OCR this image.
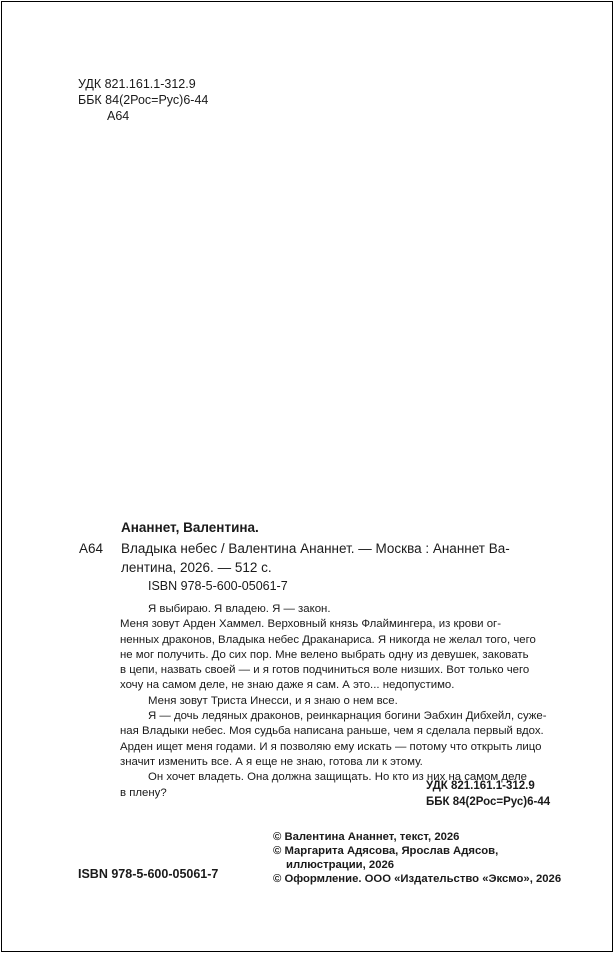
УДК 821.161.1-312.9
ББК 84(2Рос=Рус)6-44
А64
Ананнет, Валентина.
А64 Владыка небес / Валентина Ананнет. — Москва : Ананнет Ва-
лентина, 2026. — 512 с.
ISBN 978-5-600-05061-7
Я выбираю. Я владею. Я — закон.
Меня зовут Арден Хаммел. Верховный князь Флаймингера, из крови ог-
ненных драконов, Владыка небес Драканариса. Я никогда не желал того, чего
не мог получить. До сих пор. Мне велено выбрать одну из девушек, заковать
в цепи, назвать своей — и я готов подчиниться воле низших. Вот только чего
хочу на самом деле, не знаю даже я сам. А это... недопустимо.
Меня зовут Триста Инесси, и я знаю о нем все.
Я — дочь ледяных драконов, реинкарнация богини Эабхин Дибхейл, суже-
ная Владыки небес. Моя судьба написана раньше, чем я сделала первый вдох.
Арден ищет меня годами. И я позволяю ему искать — потому что открыть лицо
значит изменить все. А я еще не знаю, готова ли к этому.
Он хочет владеть. Она должна защищать. Но кто из них на самом деле
в плену?
УДК 821.161.1-312.9
ББК 84(2Рос=Рус)6-44
© Валентина Ананнет, текст, 2026
© Маргарита Адясова, Ярослав Адясов,
иллюстрации, 2026
© Оформление. ООО «Издательство «Эксмо», 2026
ISBN 978-5-600-05061-7
